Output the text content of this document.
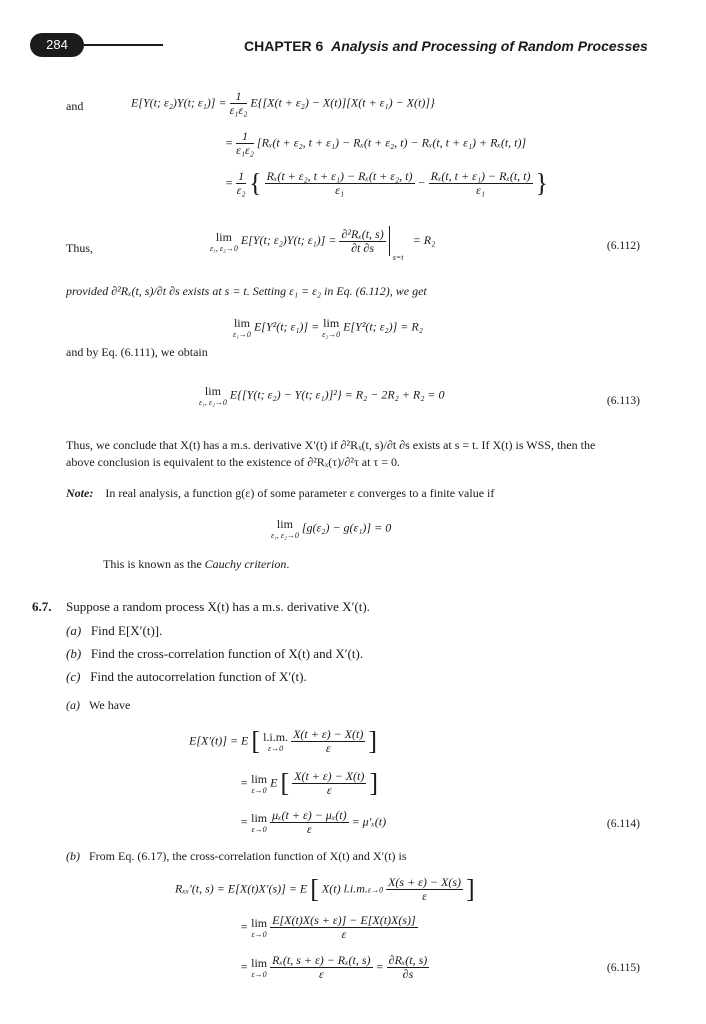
284	CHAPTER 6 Analysis and Processing of Random Processes
and	E[Y(t; ε₂)Y(t; $\varepsilon_1)] = \frac{1}{\text{ε₁ε₂}} E\{[X(t + \varepsilon_2) - X(t)][X(t + \varepsilon_1) - X(t)]\}$
= $\frac{1}{\text{ε₁ε₂}} [R_x(t + \varepsilon_2$, t + ε₁) − Rₓ(t + ε₂, t) − Rₓ(t, t + ε₁) + Rₓ(t, t)]
= $\frac{1}{\text{ε₂}}$ { $\frac{\text{Rₓ(t + ε₂, t + ε₁) − Rₓ(t + ε₂, t)}}{\text{ε₁}} - \frac{\text{Rₓ(t, t + ε₁) − Rₓ(t, t)}}{\text{ε₁}}$ }
Thus,
lim
ε₁, ε₂→0
E[Y(t; ε₂)Y(t; $\varepsilon_1)] = \frac{\text{∂²Rₓ(t, s)}}{\partial t \partial s}$

s=t
= R₂	(6.112)
provided ∂²Rₓ(t, s)/∂t ∂s exists at s = t. Setting ε₁ = ε₂ in Eq. (6.112), we get
lim
ε₁→0
E[Y²(t; ε₁)] = lim
ε₂→0
E[Y²(t; ε₂)] = R₂
and by Eq. (6.111), we obtain
lim
ε₁, ε₂→0
E{[Y(t; ε₂) − Y(t; ε₁)]²} = R₂ − 2R₂ + R₂ = 0	(6.113)
Thus, we conclude that X(t) has a m.s. derivative X′(t) if ∂²Rₓ(t, s)/∂t ∂s exists at s = t. If X(t) is WSS, then the
above conclusion is equivalent to the existence of ∂²Rₓ(τ)/∂²τ at τ = 0.
Note: In real analysis, a function g(ε) of some parameter ε converges to a finite value if
lim
ε₁, ε₂→0
[g(ε₂) − g(ε₁)] = 0
This is known as the Cauchy criterion.
6.7. Suppose a random process X(t) has a m.s. derivative X′(t).
(a) Find E[X′(t)].
(b) Find the cross-correlation function of X(t) and X′(t).
(c) Find the autocorrelation function of X′(t).
(a) We have
E[X′(t)] = E [ l.i.m.
ε→0
$\frac{X(t + \varepsilon) - X(t)}{\varepsilon}$ ]
= lim
ε→0
E [ $\frac{X(t + \varepsilon) - X(t)}{\varepsilon}$ ]
= lim
ε→0
$\frac{\text{μₓ(t + ε) − μₓ(t)}}{\varepsilon} = \mu'_x(t)$	(6.114)
(b) From Eq. (6.17), the cross-correlation function of X(t) and X′(t) is
Rₓₓ′(t, s) = E[X(t)X′(s)] = E [ X(t) $l.i.m.\varepsilon\to 0 \frac{X(s + \varepsilon) - X(s)}{\varepsilon}$ ]
= lim
ε→0
$\frac{E[X(t)X(s + \varepsilon)] - E[X(t)X(s)]}{\varepsilon}$
= lim
ε→0
$\frac{\text{Rₓ(t, s + ε) − Rₓ(t, s)}}{\varepsilon} = \frac{\text{∂Rₓ(t, s)}}{\partial s}$	(6.115)
